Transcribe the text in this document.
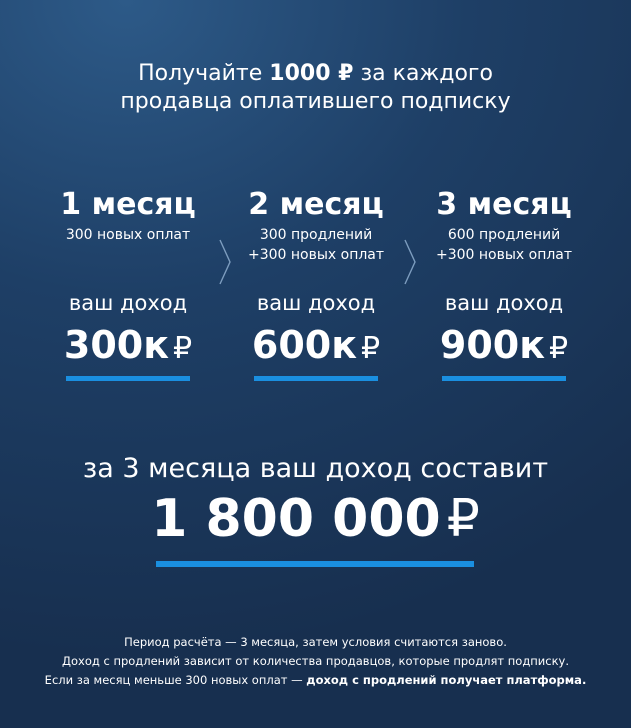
Получайте 1000 ₽ за каждого
продавца оплатившего подписку
1 месяц
300 новых оплат
ваш доход
300к ₽
2 месяц
300 продлений
+300 новых оплат
ваш доход
600к ₽
3 месяц
600 продлений
+300 новых оплат
ваш доход
900к ₽
за 3 месяца ваш доход составит
1 800 000 ₽
Период расчёта — 3 месяца, затем условия считаются заново.
Доход с продлений зависит от количества продавцов, которые продлят подписку.
Если за месяц меньше 300 новых оплат — доход с продлений получает платформа.
